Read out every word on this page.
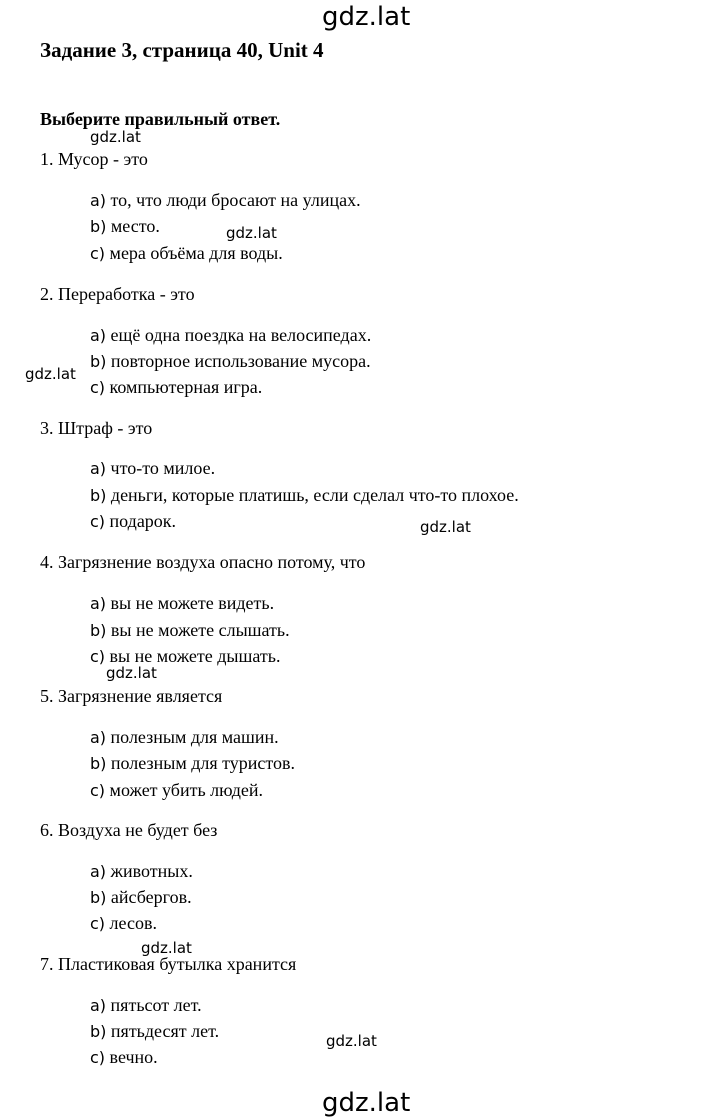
gdz.lat
gdz.lat
gdz.lat
gdz.lat
gdz.lat
gdz.lat
gdz.lat
gdz.lat
gdz.lat
Задание 3, страница 40, Unit 4
Выберите правильный ответ.
1. Мусор - это
a) то, что люди бросают на улицах.
b) место.
c) мера объёма для воды.
2. Переработка - это
a) ещё одна поездка на велосипедах.
b) повторное использование мусора.
c) компьютерная игра.
3. Штраф - это
a) что-то милое.
b) деньги, которые платишь, если сделал что-то плохое.
c) подарок.
4. Загрязнение воздуха опасно потому, что
a) вы не можете видеть.
b) вы не можете слышать.
c) вы не можете дышать.
5. Загрязнение является
a) полезным для машин.
b) полезным для туристов.
c) может убить людей.
6. Воздуха не будет без
a) животных.
b) айсбергов.
c) лесов.
7. Пластиковая бутылка хранится
a) пятьсот лет.
b) пятьдесят лет.
c) вечно.
